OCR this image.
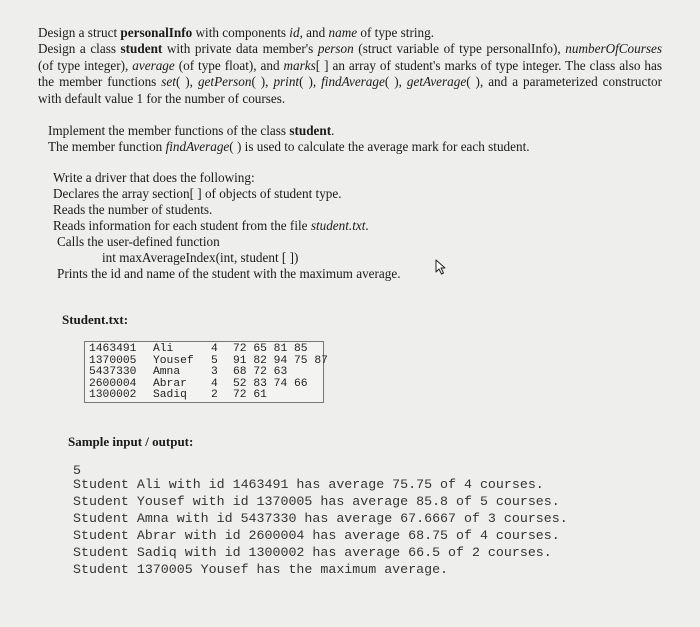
Design a struct personalInfo with components id, and name of type string.
Design a class student with private data member's person (struct variable of type personalInfo), numberOfCourses (of type integer), average (of type float), and marks[ ] an array of student's marks of type integer. The class also has the member functions set( ), getPerson( ), print( ), findAverage( ), getAverage( ), and a parameterized constructor with default value 1 for the number of courses.
Implement the member functions of the class student.
The member function findAverage( ) is used to calculate the average mark for each student.
Write a driver that does the following:
Declares the array section[ ] of objects of student type.
Reads the number of students.
Reads information for each student from the file student.txt.
Calls the user-defined function
int maxAverageIndex(int, student [ ])
Prints the id and name of the student with the maximum average.
Student.txt:

1463491 Ali	4 72 65 81 85

1370005 Yousef 5 91 82 94 75 87

5437330 Amna	3 68 72 63

2600004 Abrar 4 52 83 74 66

1300002 Sadiq 2 72 61

Sample input / output:
5
Student Ali with id 1463491 has average 75.75 of 4 courses.
Student Yousef with id 1370005 has average 85.8 of 5 courses.
Student Amna with id 5437330 has average 67.6667 of 3 courses.
Student Abrar with id 2600004 has average 68.75 of 4 courses.
Student Sadiq with id 1300002 has average 66.5 of 2 courses.
Student 1370005 Yousef has the maximum average.
